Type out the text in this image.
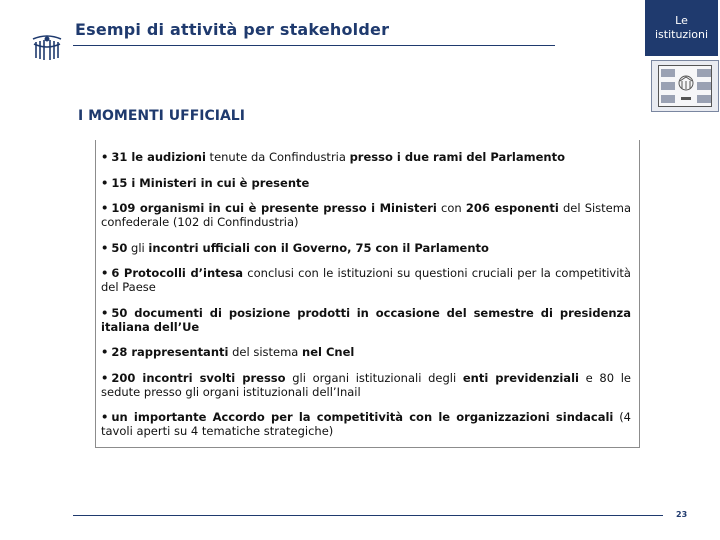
Esempi di attività per stakeholder	Le
istituzioni
I MOMENTI UFFICIALI
• 31 le audizioni tenute da Confindustria presso i due rami del Parlamento
• 15 i Ministeri in cui è presente
• 109 organismi in cui è presente presso i Ministeri con 206 esponenti del Sistema confederale (102 di Confindustria)
• 50 gli incontri ufficiali con il Governo, 75 con il Parlamento
• 6 Protocolli d’intesa conclusi con le istituzioni su questioni cruciali per la competitività del Paese
• 50 documenti di posizione prodotti in occasione del semestre di presidenza italiana dell’Ue
• 28 rappresentanti del sistema nel Cnel
• 200 incontri svolti presso gli organi istituzionali degli enti previdenziali e 80 le sedute presso gli organi istituzionali dell’Inail
• un importante Accordo per la competitività con le organizzazioni sindacali (4 tavoli aperti su 4 tematiche strategiche)
23
